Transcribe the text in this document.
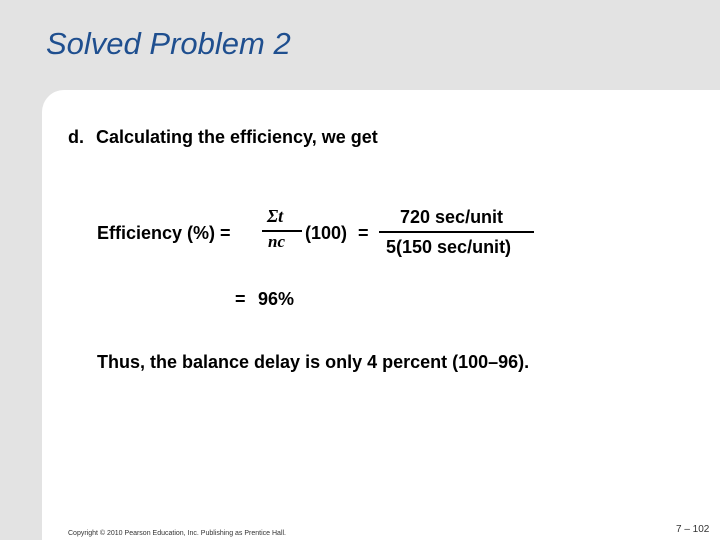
Solved Problem 2
d. Calculating the efficiency, we get
Efficiency (%) =
Σt
nc (100) =
720 sec/unit
5(150 sec/unit)
= 96%
Thus, the balance delay is only 4 percent (100–96).
Copyright © 2010 Pearson Education, Inc. Publishing as Prentice Hall.	7 – 102
